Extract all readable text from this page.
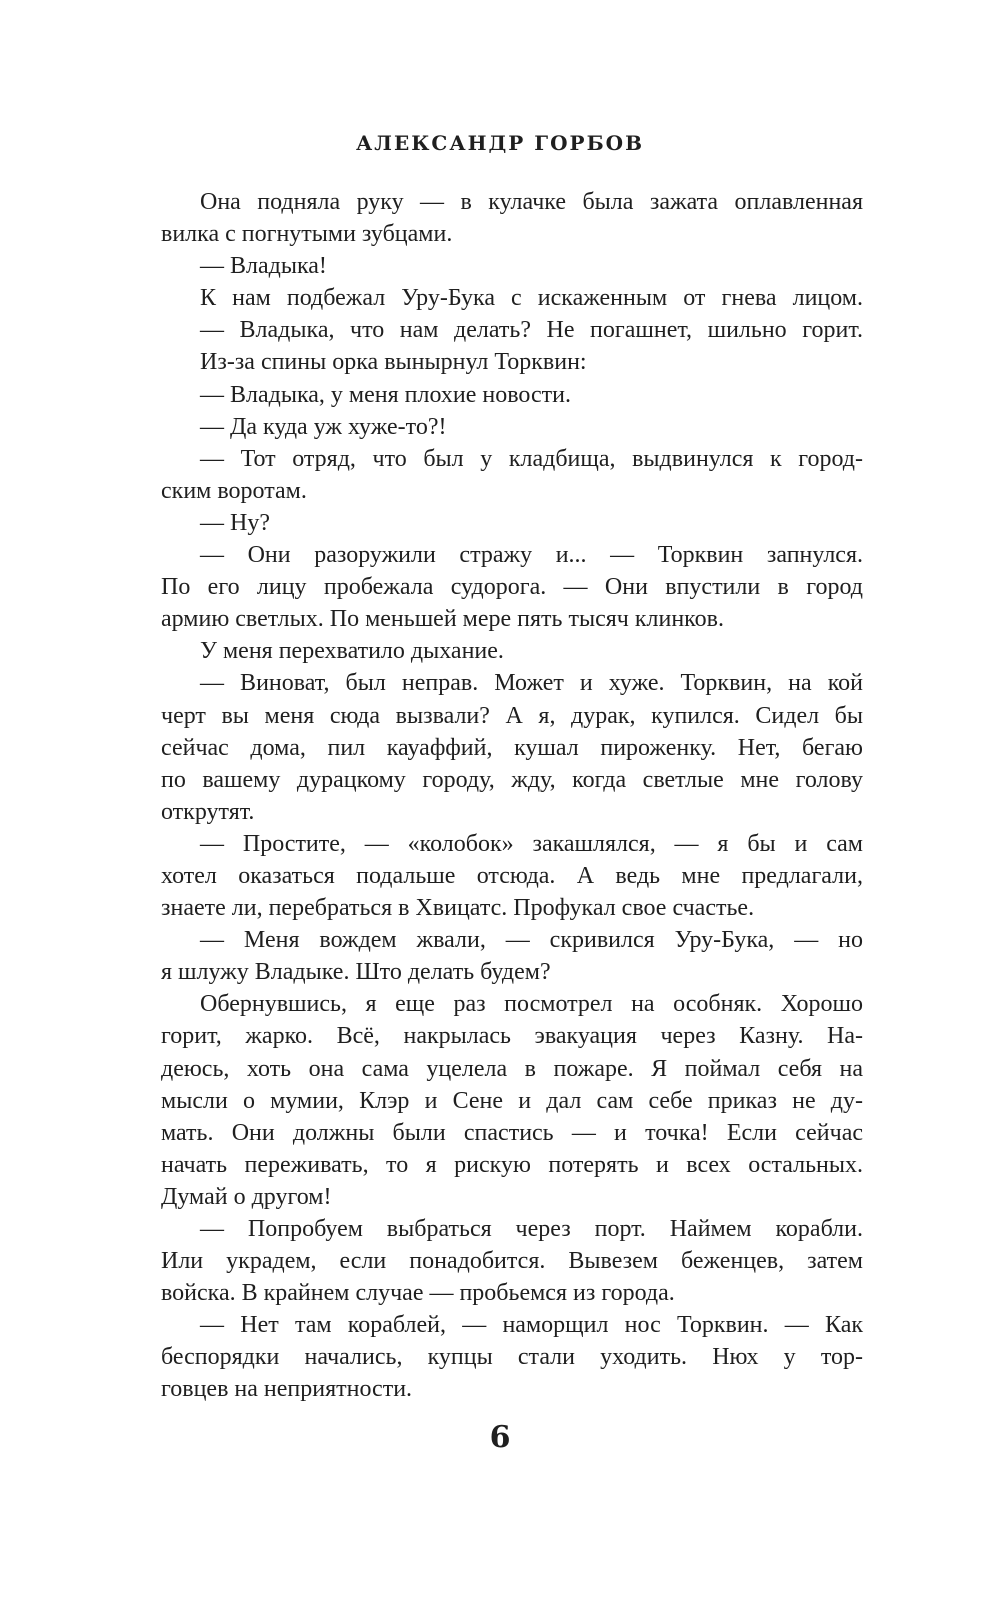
АЛЕКСАНДР ГОРБОВ
Она подняла руку — в кулачке была зажата оплавленная
вилка с погнутыми зубцами.
— Владыка!
К нам подбежал Уру-Бука с искаженным от гнева лицом.
— Владыка, что нам делать? Не погашнет, шильно горит.
Из-за спины орка вынырнул Торквин:
— Владыка, у меня плохие новости.
— Да куда уж хуже-то?!
— Тот отряд, что был у кладбища, выдвинулся к город-
ским воротам.
— Ну?
— Они разоружили стражу и... — Торквин запнулся.
По его лицу пробежала судорога. — Они впустили в город
армию светлых. По меньшей мере пять тысяч клинков.
У меня перехватило дыхание.
— Виноват, был неправ. Может и хуже. Торквин, на кой
черт вы меня сюда вызвали? А я, дурак, купился. Сидел бы
сейчас дома, пил кауаффий, кушал пироженку. Нет, бегаю
по вашему дурацкому городу, жду, когда светлые мне голову
открутят.
— Простите, — «колобок» закашлялся, — я бы и сам
хотел оказаться подальше отсюда. А ведь мне предлагали,
знаете ли, перебраться в Хвицатс. Профукал свое счастье.
— Меня вождем жвали, — скривился Уру-Бука, — но
я шлужу Владыке. Што делать будем?
Обернувшись, я еще раз посмотрел на особняк. Хорошо
горит, жарко. Всё, накрылась эвакуация через Казну. На-
деюсь, хоть она сама уцелела в пожаре. Я поймал себя на
мысли о мумии, Клэр и Сене и дал сам себе приказ не ду-
мать. Они должны были спастись — и точка! Если сейчас
начать переживать, то я рискую потерять и всех остальных.
Думай о другом!
— Попробуем выбраться через порт. Наймем корабли.
Или украдем, если понадобится. Вывезем беженцев, затем
войска. В крайнем случае — пробьемся из города.
— Нет там кораблей, — наморщил нос Торквин. — Как
беспорядки начались, купцы стали уходить. Нюх у тор-
говцев на неприятности.
6
